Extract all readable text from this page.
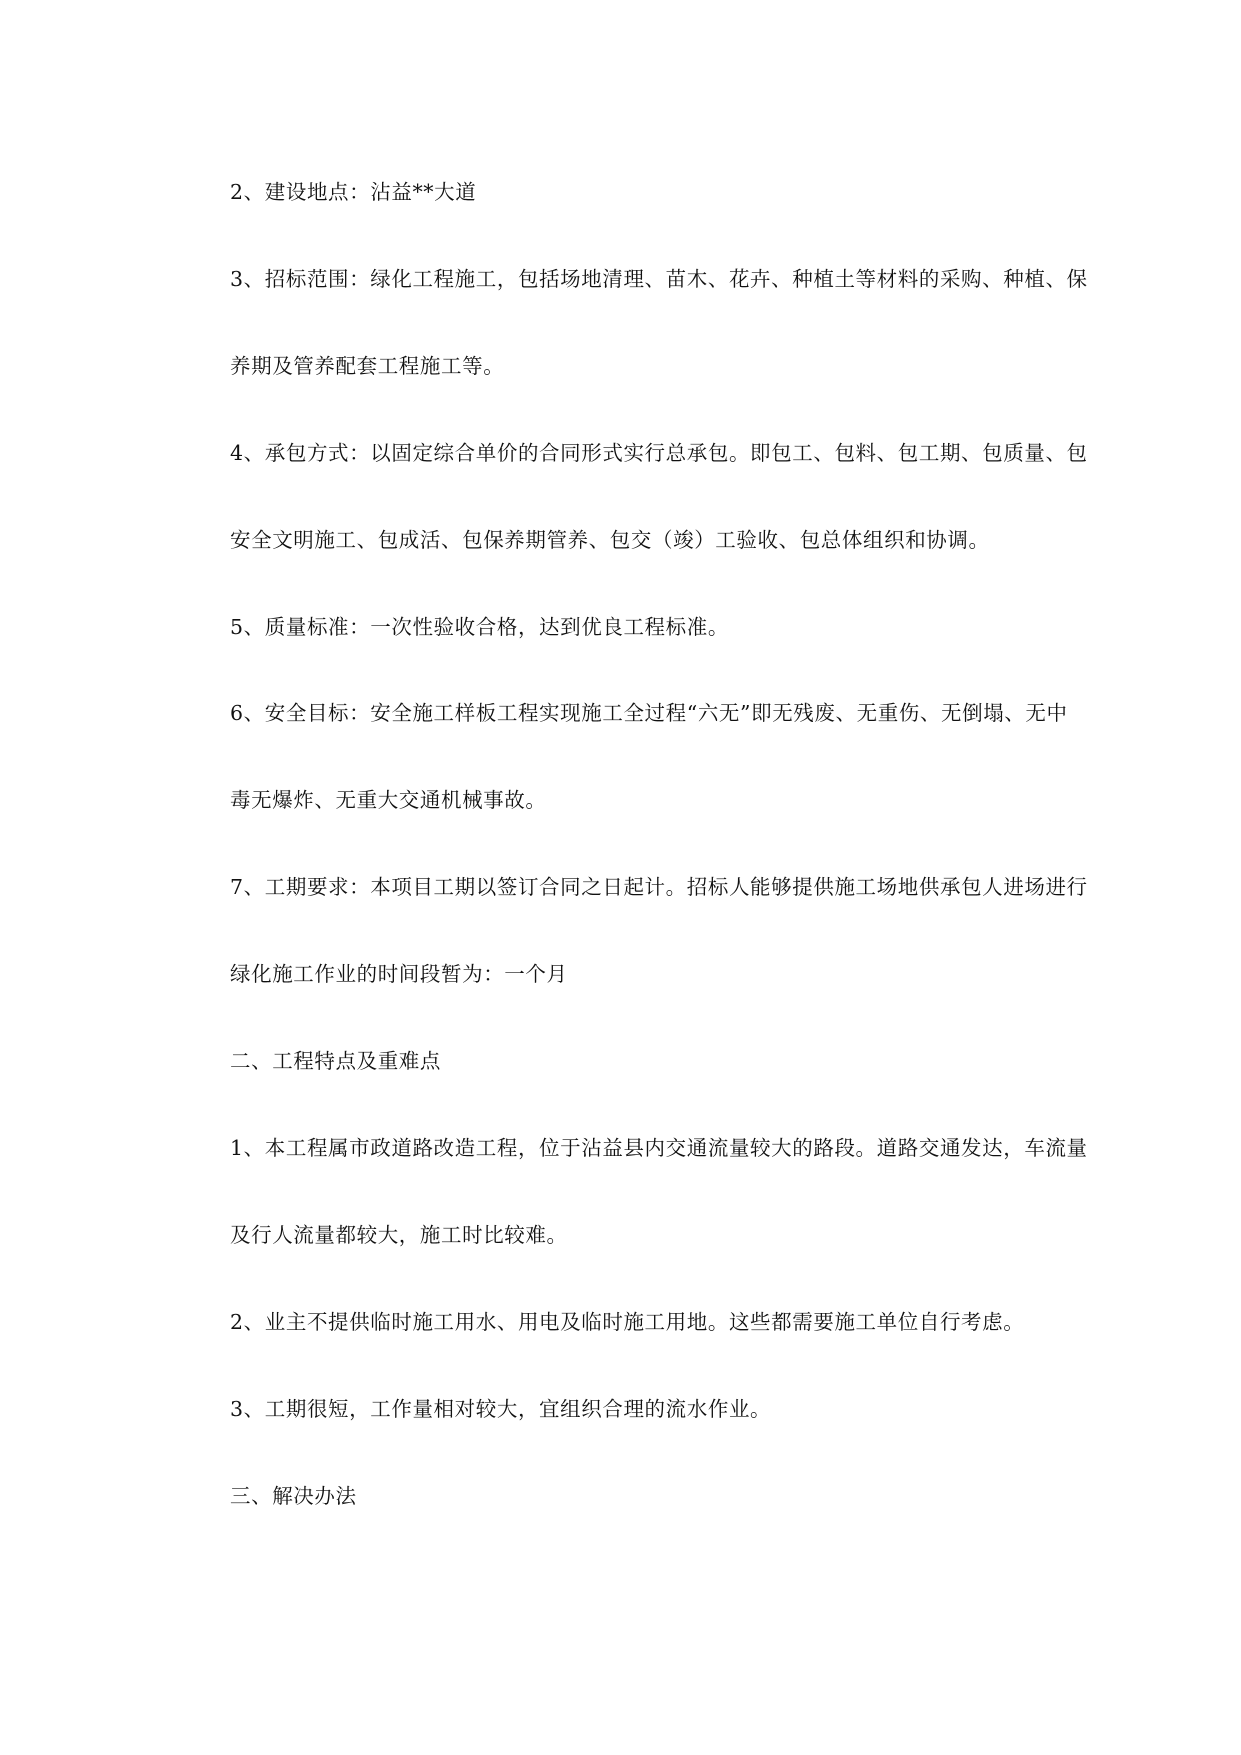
2、建设地点：沾益**大道

3、招标范围：绿化工程施工，包括场地清理、苗木、花卉、种植土等材料的采购、种植、保

养期及管养配套工程施工等。

4、承包方式：以固定综合单价的合同形式实行总承包。即包工、包料、包工期、包质量、包

安全文明施工、包成活、包保养期管养、包交（竣）工验收、包总体组织和协调。

5、质量标准：一次性验收合格，达到优良工程标准。

6、安全目标：安全施工样板工程实现施工全过程“六无”即无残废、无重伤、无倒塌、无中

毒无爆炸、无重大交通机械事故。

7、工期要求：本项目工期以签订合同之日起计。招标人能够提供施工场地供承包人进场进行

绿化施工作业的时间段暂为：一个月

二、工程特点及重难点

1、本工程属市政道路改造工程，位于沾益县内交通流量较大的路段。道路交通发达，车流量

及行人流量都较大，施工时比较难。

2、业主不提供临时施工用水、用电及临时施工用地。这些都需要施工单位自行考虑。

3、工期很短，工作量相对较大，宜组织合理的流水作业。

三、解决办法
